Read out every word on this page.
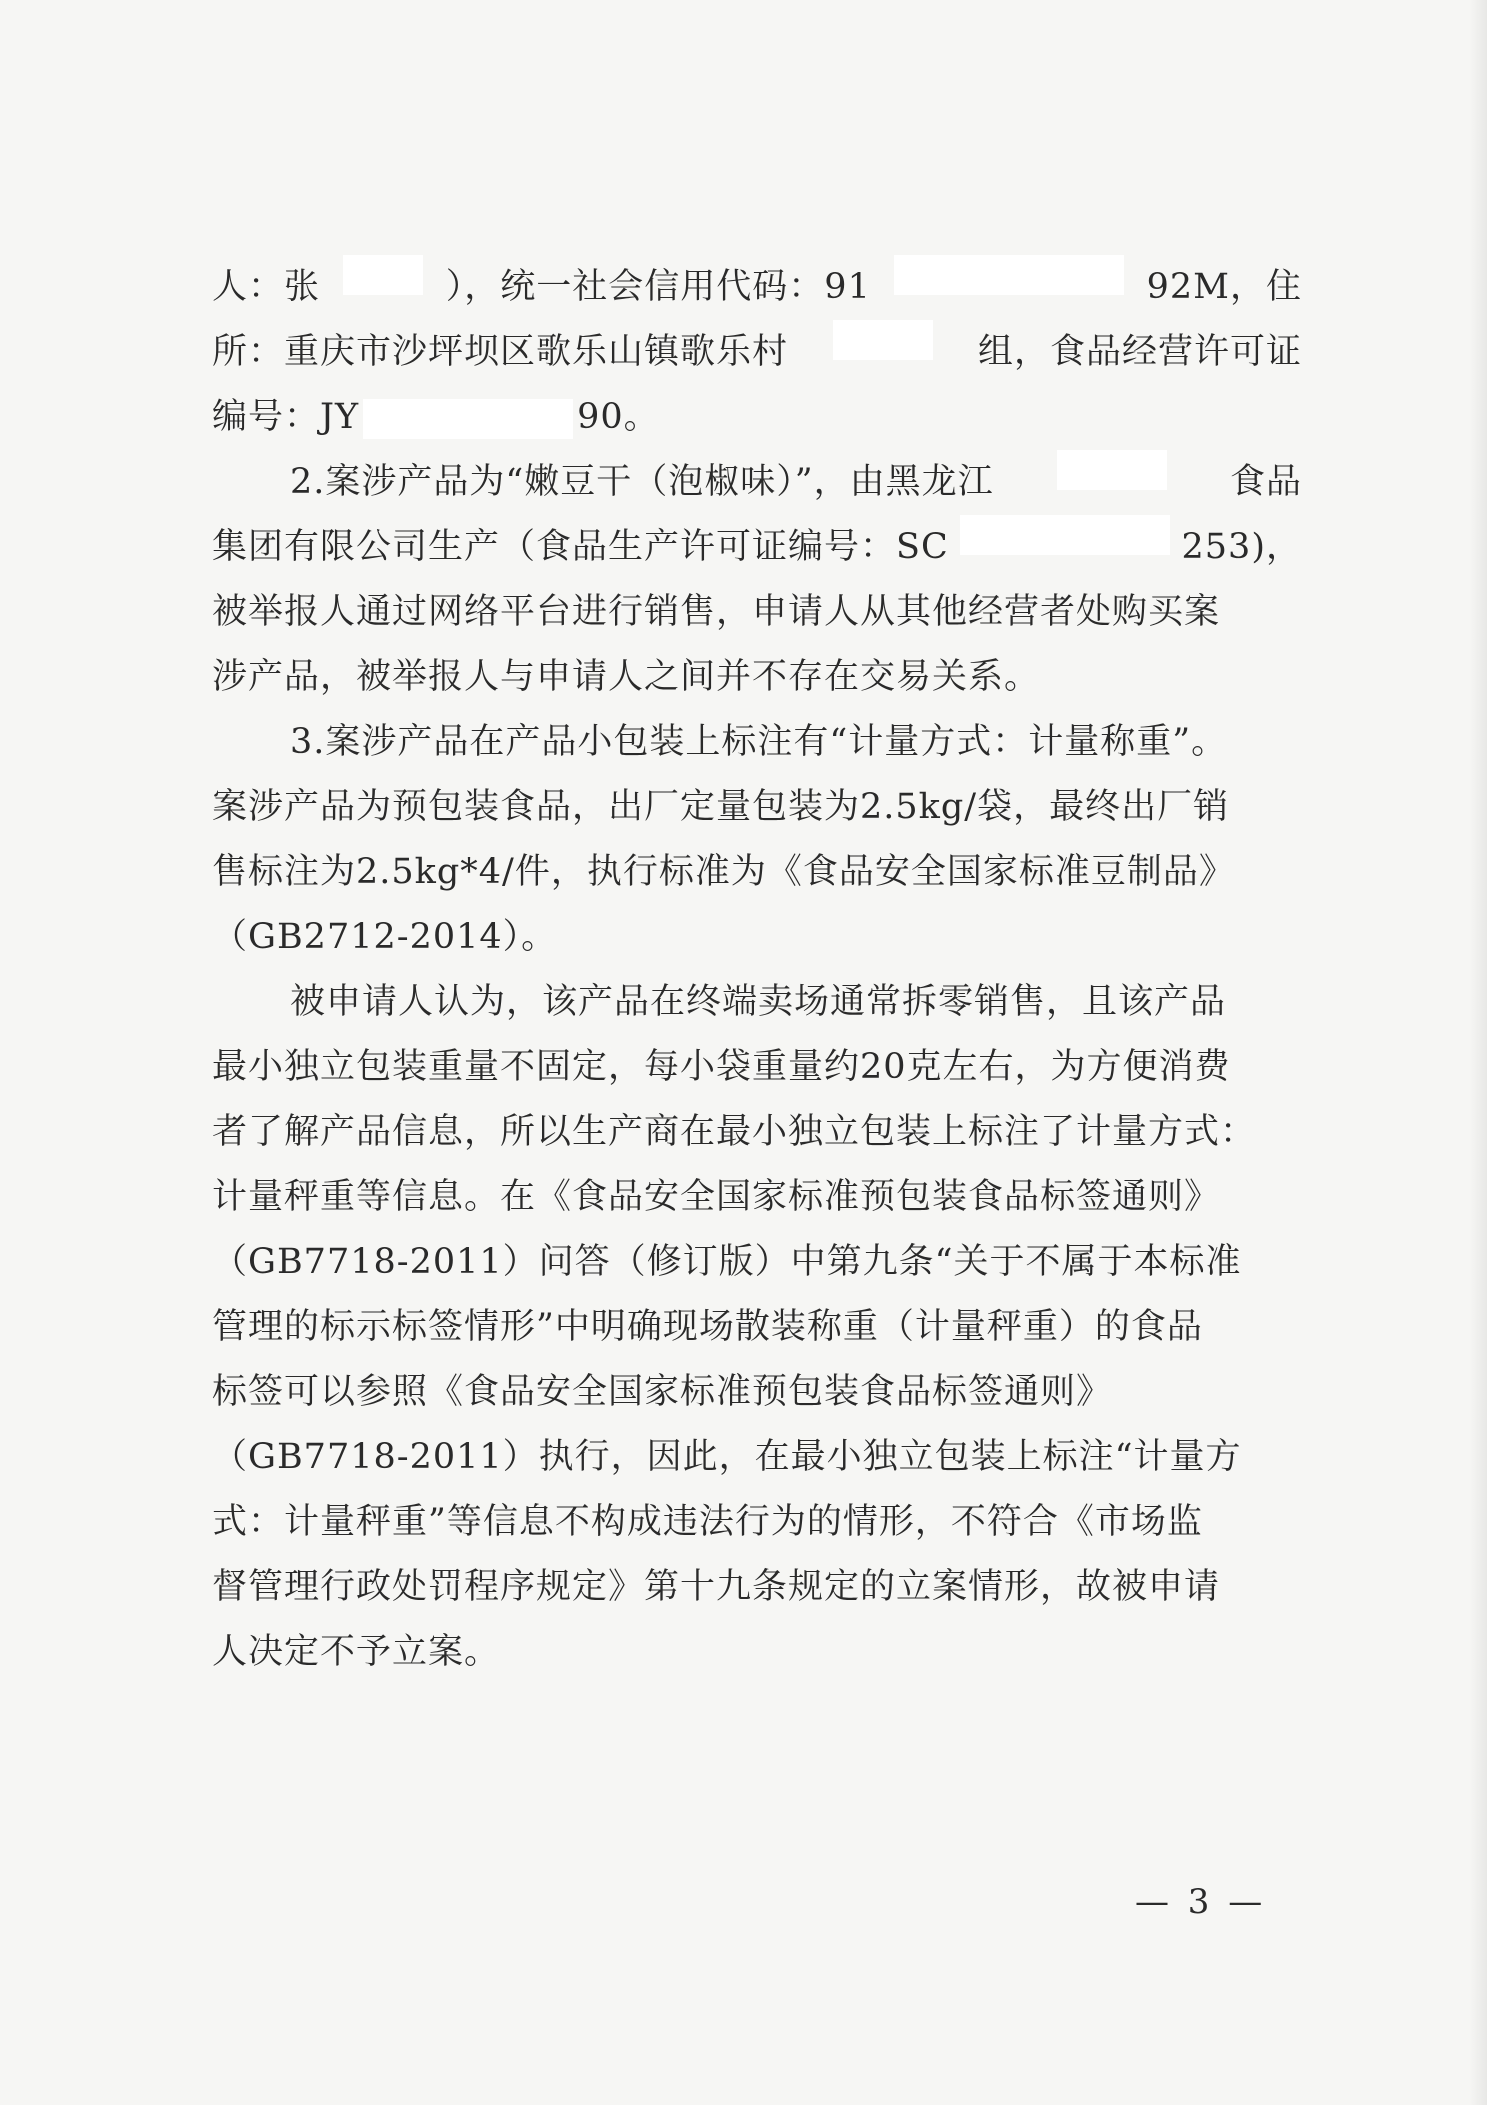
人：张	），统一社会信用代码：91	92M，住
所：重庆市沙坪坝区歌乐山镇歌乐村	组，食品经营许可证
编号：JY	90。
2.案涉产品为“嫩豆干（泡椒味）”，由黑龙江	食品
集团有限公司生产（食品生产许可证编号：SC	253)，
被举报人通过网络平台进行销售，申请人从其他经营者处购买案
涉产品，被举报人与申请人之间并不存在交易关系。
3.案涉产品在产品小包装上标注有“计量方式：计量称重”。
案涉产品为预包装食品，出厂定量包装为2.5kg/袋，最终出厂销
售标注为2.5kg*4/件，执行标准为《食品安全国家标准豆制品》
（GB2712-2014）。
被申请人认为，该产品在终端卖场通常拆零销售，且该产品
最小独立包装重量不固定，每小袋重量约20克左右，为方便消费
者了解产品信息，所以生产商在最小独立包装上标注了计量方式：
计量秤重等信息。在《食品安全国家标准预包装食品标签通则》
（GB7718-2011）问答（修订版）中第九条“关于不属于本标准
管理的标示标签情形”中明确现场散装称重（计量秤重）的食品
标签可以参照《食品安全国家标准预包装食品标签通则》
（GB7718-2011）执行，因此，在最小独立包装上标注“计量方
式：计量秤重”等信息不构成违法行为的情形，不符合《市场监
督管理行政处罚程序规定》第十九条规定的立案情形，故被申请
人决定不予立案。
— 3 —
